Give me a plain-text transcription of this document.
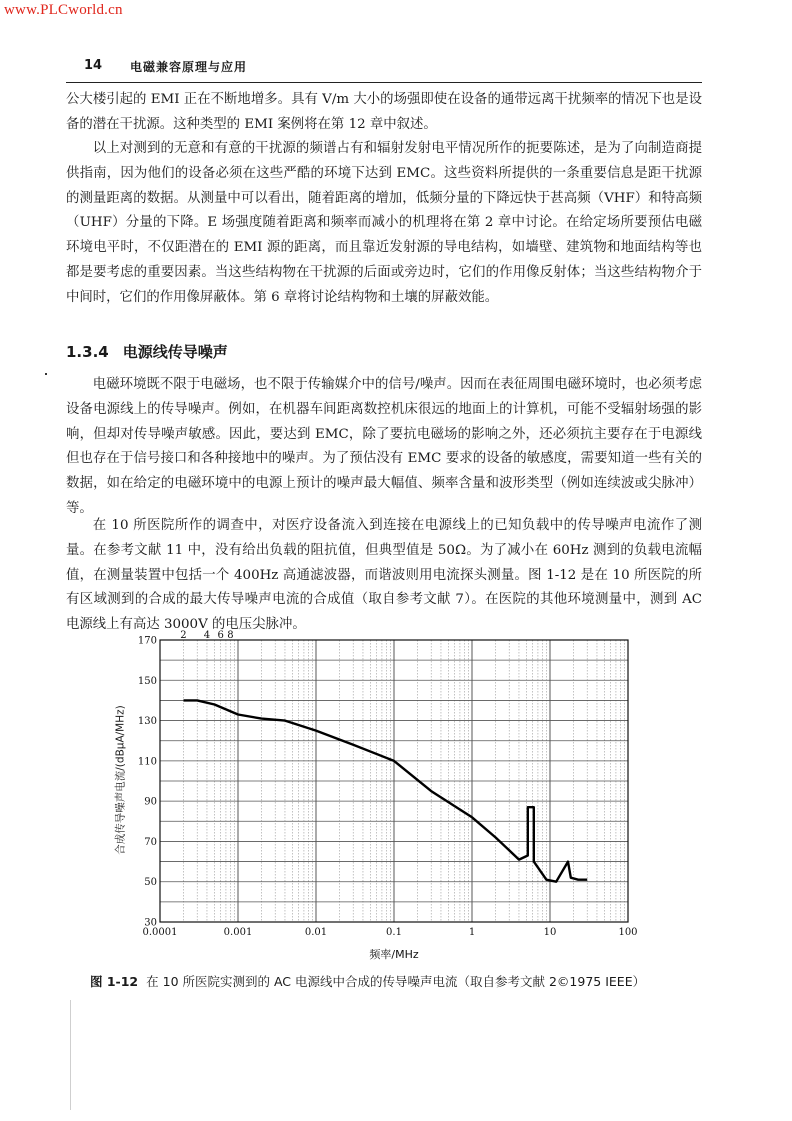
www.PLCworld.cn
14 电磁兼容原理与应用

公大楼引起的 EMI 正在不断地增多。具有 V/m 大小的场强即使在设备的通带远离干扰频率的情况下也是设备的潜在干扰源。这种类型的 EMI 案例将在第 12 章中叙述。

以上对测到的无意和有意的干扰源的频谱占有和辐射发射电平情况所作的扼要陈述，是为了向制造商提供指南，因为他们的设备必须在这些严酷的环境下达到 EMC。这些资料所提供的一条重要信息是距干扰源的测量距离的数据。从测量中可以看出，随着距离的增加，低频分量的下降远快于甚高频（VHF）和特高频（UHF）分量的下降。E 场强度随着距离和频率而减小的机理将在第 2 章中讨论。在给定场所要预估电磁环境电平时，不仅距潜在的 EMI 源的距离，而且靠近发射源的导电结构，如墙壁、建筑物和地面结构等也都是要考虑的重要因素。当这些结构物在干扰源的后面或旁边时，它们的作用像反射体；当这些结构物介于中间时，它们的作用像屏蔽体。第 6 章将讨论结构物和土壤的屏蔽效能。

1.3.4 电源线传导噪声

电磁环境既不限于电磁场，也不限于传输媒介中的信号/噪声。因而在表征周围电磁环境时，也必须考虑设备电源线上的传导噪声。例如，在机器车间距离数控机床很远的地面上的计算机，可能不受辐射场强的影响，但却对传导噪声敏感。因此，要达到 EMC，除了要抗电磁场的影响之外，还必须抗主要存在于电源线但也存在于信号接口和各种接地中的噪声。为了预估没有 EMC 要求的设备的敏感度，需要知道一些有关的数据，如在给定的电磁环境中的电源上预计的噪声最大幅值、频率含量和波形类型（例如连续波或尖脉冲）等。

在 10 所医院所作的调查中，对医疗设备流入到连接在电源线上的已知负载中的传导噪声电流作了测量。在参考文献 11 中，没有给出负载的阻抗值，但典型值是 50Ω。为了减小在 60Hz 测到的负载电流幅值，在测量装置中包括一个 400Hz 高通滤波器，而谐波则用电流探头测量。图 1-12 是在 10 所医院的所有区域测到的合成的最大传导噪声电流的合成值（取自参考文献 7）。在医院的其他环境测量中，测到 AC 电源线上有高达 3000V 的电压尖脉冲。

合成传导噪声电流/(dBμA/MHz)
30
50
70
90
110
130
150
170
0.0001	0.001	0.01	0.1	1	10	100
2 4 6 8
频率/MHz
图 1-12 在 10 所医院实测到的 AC 电源线中合成的传导噪声电流（取自参考文献 2©1975 IEEE）
